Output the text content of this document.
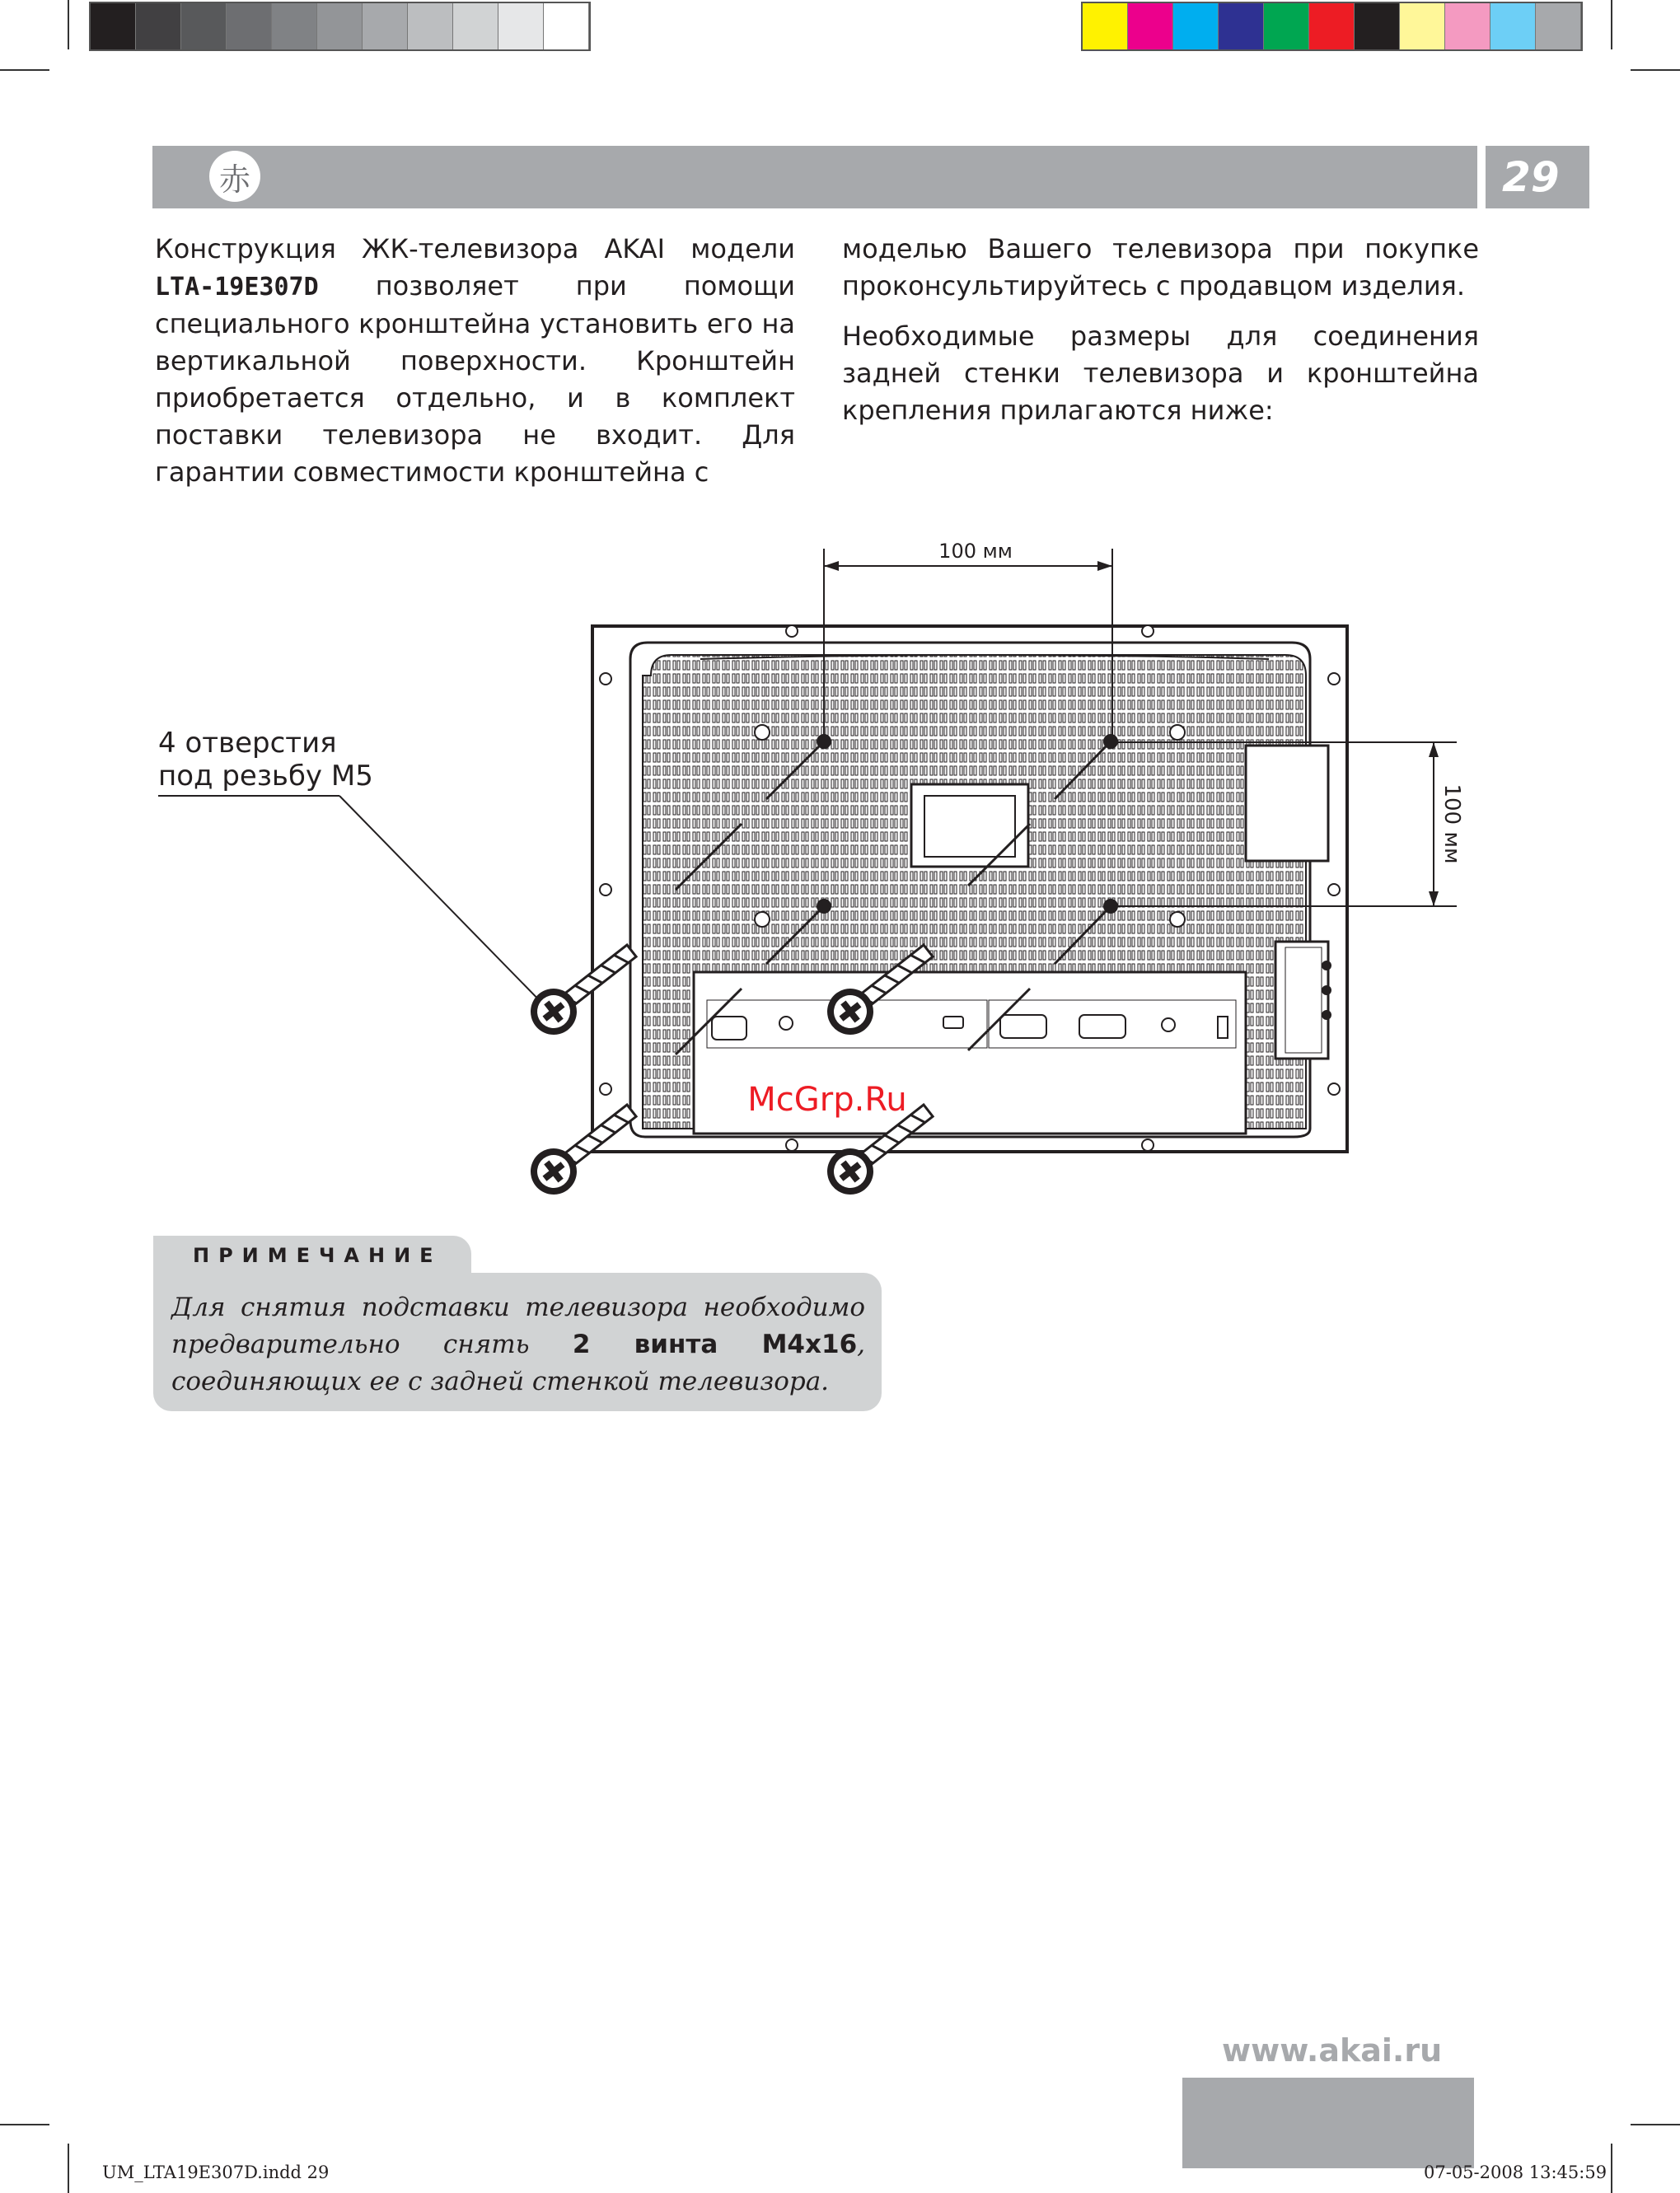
赤	29

Конструкция ЖК-телевизора AKAI модели LTA-19E307D позволяет при помощи специального кронштейна установить его на вертикальной поверхности. Кронштейн приобретается отдельно, и в комплект поставки телевизора не входит. Для гарантии совместимости кронштейна с

моделью Вашего телевизора при покупке проконсультируйтесь с продавцом изделия.

Необходимые размеры для соединения задней стенки телевизора и кронштейна крепления прилагаются ниже:

4 отверстия
под резьбу М5
100 мм
100 мм
McGrp.Ru
ПРИМЕЧАНИЕ
Для снятия подставки телевизора необходимо предварительно снять 2 винта M4x16, соединяющих ее с задней стенкой телевизора.
www.akai.ru
UM_LTA19E307D.indd 29	07-05-2008 13:45:59
